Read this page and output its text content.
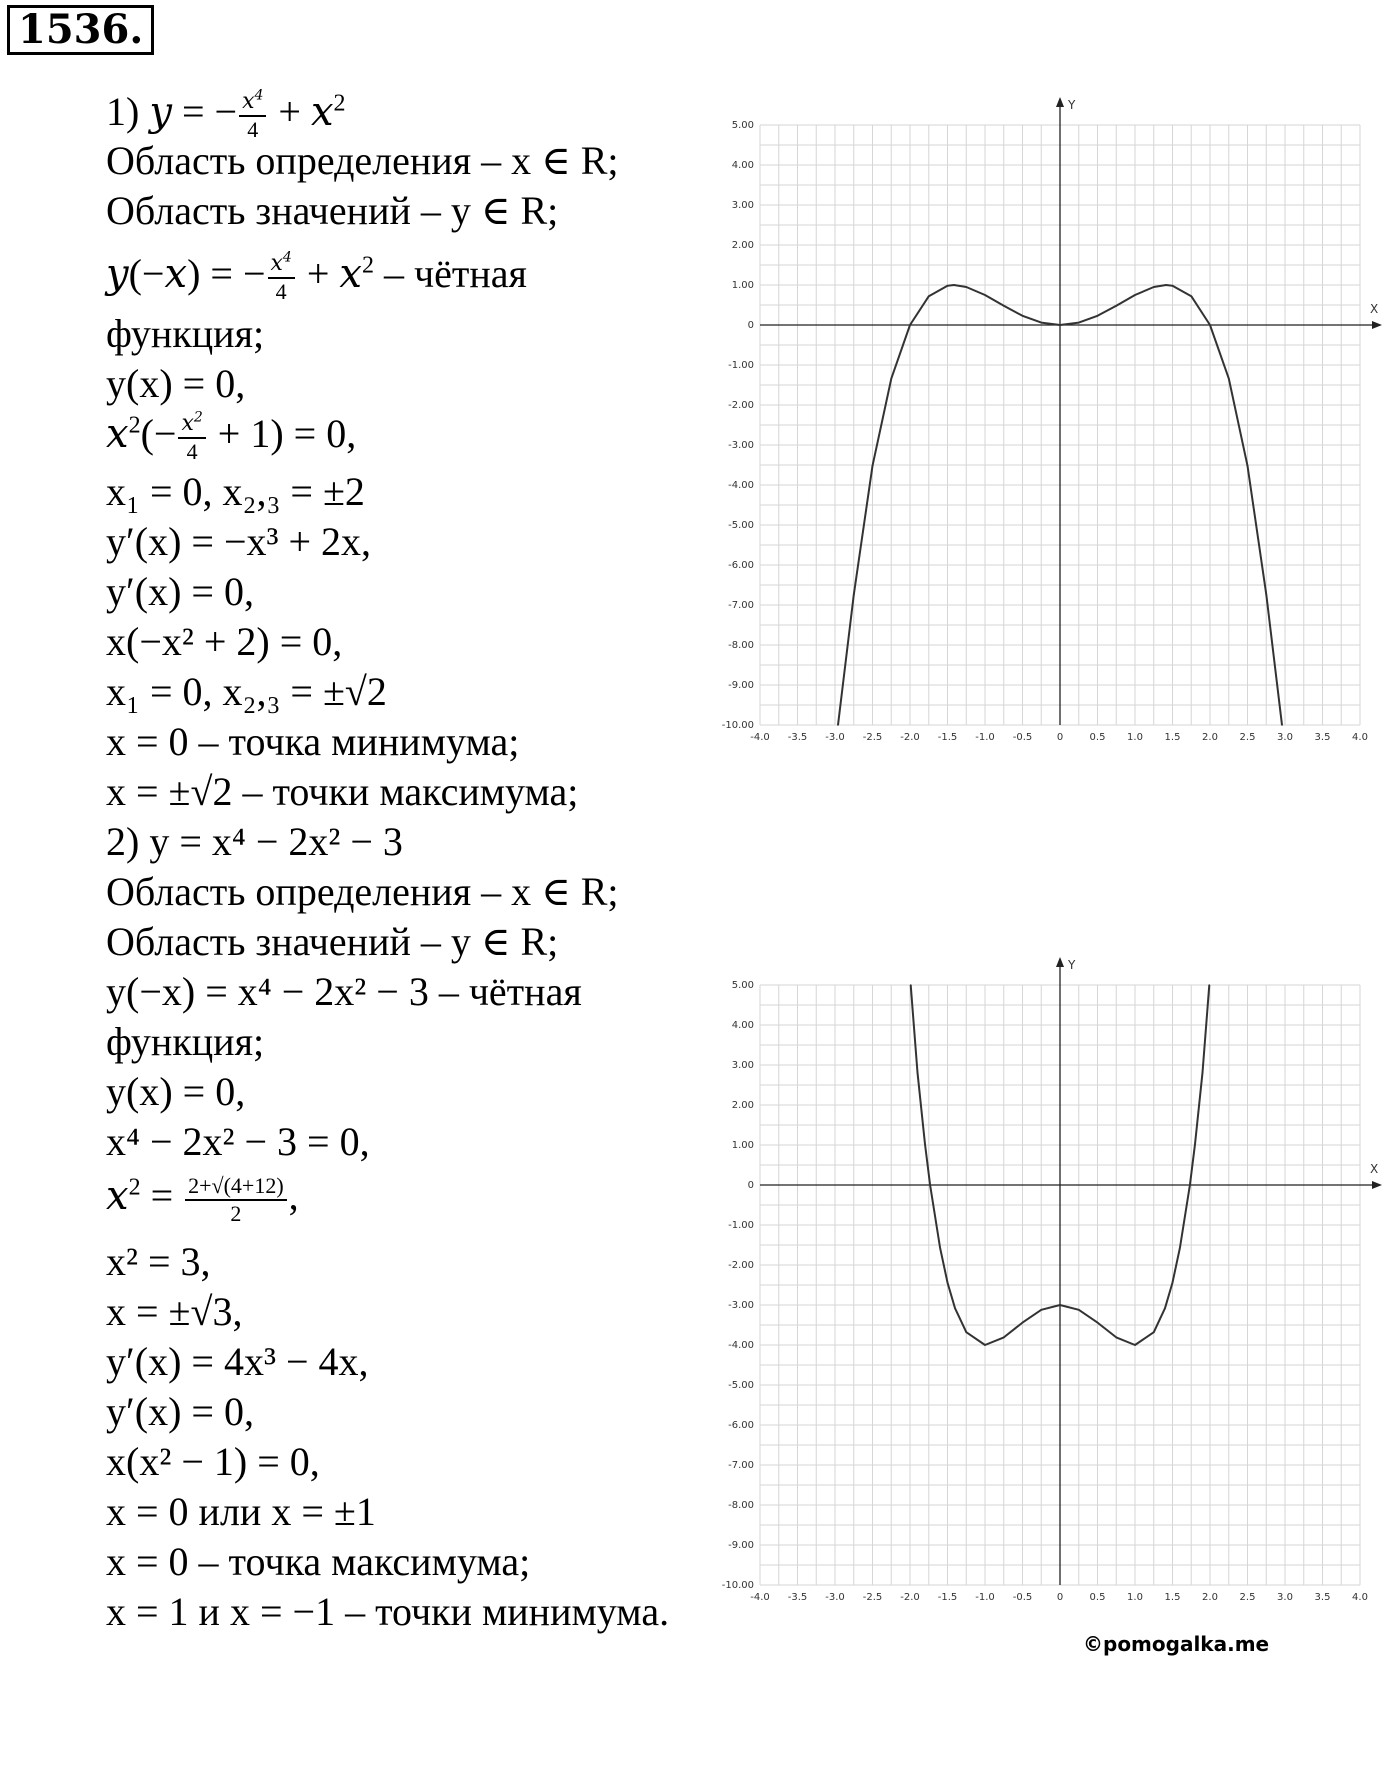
1536.
1) y = − $\frac{x^4}{4} + x^2$
Область определения – x ∈ R;
Область значений – y ∈ R;
y(−x) = − $\frac{x^4}{4} + x^2$ – чётная
функция;
y(x) = 0,
$x^2(- \frac{x^2}{4} + 1) = 0$,
x₁ = 0, x₂,₃ = ±2
y′(x) = −x³ + 2x,
y′(x) = 0,
x(−x² + 2) = 0,
x₁ = 0, x₂,₃ = ±√2
x = 0 – точка минимума;
x = ±√2 – точки максимума;
2) y = x⁴ − 2x² − 3
Область определения – x ∈ R;
Область значений – y ∈ R;
y(−x) = x⁴ − 2x² − 3 – чётная
функция;
y(x) = 0,
x⁴ − 2x² − 3 = 0,
$x^2 = \frac{2+√(4+12)}{2}$ ,
x² = 3,
x = ±√3,
y′(x) = 4x³ − 4x,
y′(x) = 0,
x(x² − 1) = 0,
x = 0 или x = ±1
x = 0 – точка максимума;
x = 1 и x = −1 – точки минимума.
X
Y
-4.0 -3.5 -3.0 -2.5 -2.0 -1.5 -1.0 -0.5 0	0.5 1.0 1.5 2.0 2.5 3.0 3.5 4.0
5.00
4.00
3.00
2.00
1.00
0
-1.00
-2.00
-3.00
-4.00
-5.00
-6.00
-7.00
-8.00
-9.00
-10.00
X
Y
-4.0 -3.5 -3.0 -2.5 -2.0 -1.5 -1.0 -0.5 0	0.5 1.0 1.5 2.0 2.5 3.0 3.5 4.0
5.00
4.00
3.00
2.00
1.00
0
-1.00
-2.00
-3.00
-4.00
-5.00
-6.00
-7.00
-8.00
-9.00
-10.00
©pomogalka.me
